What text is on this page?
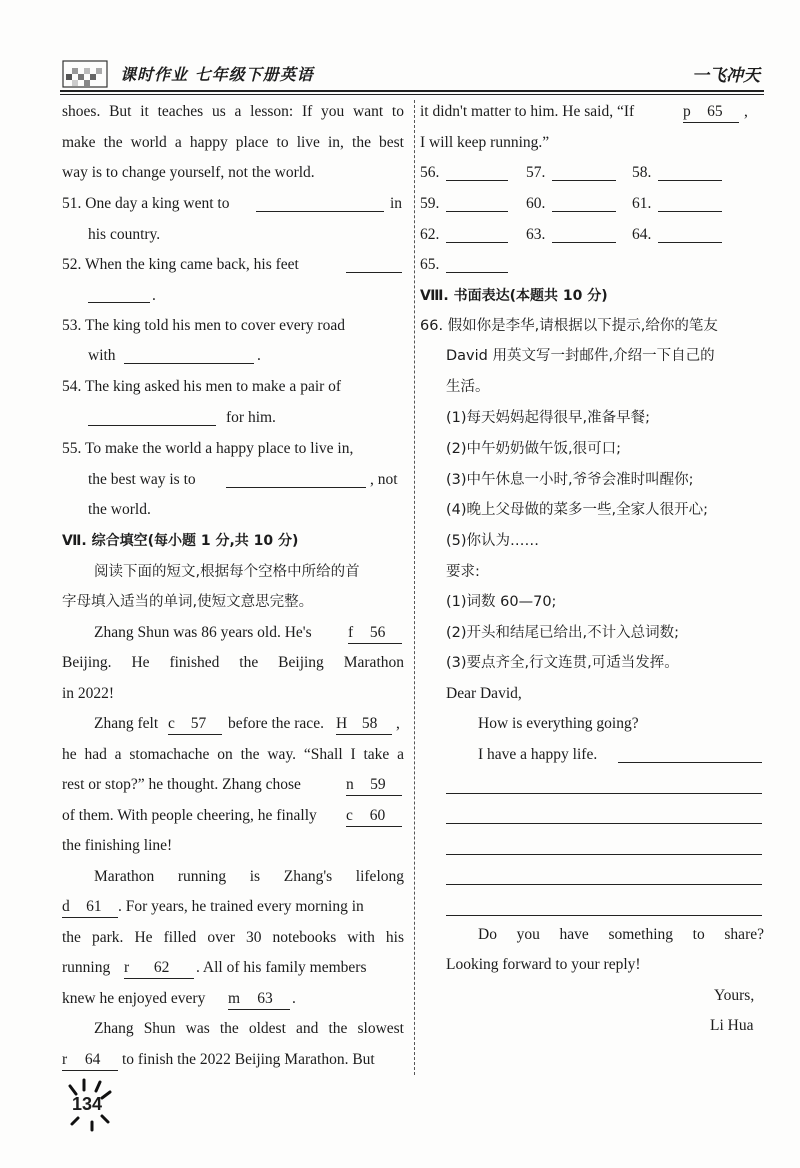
课时作业 七年级下册英语	一飞冲天
shoes. But it teaches us a lesson: If you want to
make the world a happy place to live in, the best
way is to change yourself, not the world.
51. One day a king went to	in
his country.
52. When the king came back, his feet
.
53. The king told his men to cover every road
with	.
54. The king asked his men to make a pair of
for him.
55. To make the world a happy place to live in,
the best way is to	, not
the world.
Ⅶ. 综合填空(每小题 1 分,共 10 分)
阅读下面的短文,根据每个空格中所给的首
字母填入适当的单词,使短文意思完整。
Zhang Shun was 86 years old. He's f 56
Beijing. He finished the Beijing Marathon
in 2022!
Zhang felt c 57	before the race. H 58	,
he had a stomachache on the way. “Shall I take a
rest or stop?” he thought. Zhang chose	n 59
of them. With people cheering, he finally c 60
the finishing line!
Marathon running is Zhang's lifelong
d 61	. For years, he trained every morning in
the park. He filled over 30 notebooks with his
running r 62	. All of his family members
knew he enjoyed every m 63	.
Zhang Shun was the oldest and the slowest
r 64	to finish the 2022 Beijing Marathon. But
it didn't matter to him. He said, “If	p 65	,
I will keep running.”
56.	57.	58.
59.	60.	61.
62.	63.	64.
65.
Ⅷ. 书面表达(本题共 10 分)
66. 假如你是李华,请根据以下提示,给你的笔友
David 用英文写一封邮件,介绍一下自己的
生活。
(1)每天妈妈起得很早,准备早餐;
(2)中午奶奶做午饭,很可口;
(3)中午休息一小时,爷爷会准时叫醒你;
(4)晚上父母做的菜多一些,全家人很开心;
(5)你认为……
要求:
(1)词数 60—70;
(2)开头和结尾已给出,不计入总词数;
(3)要点齐全,行文连贯,可适当发挥。
Dear David,
How is everything going?
I have a happy life.
Do you have something to share?
Looking forward to your reply!
Yours,
Li Hua
134
